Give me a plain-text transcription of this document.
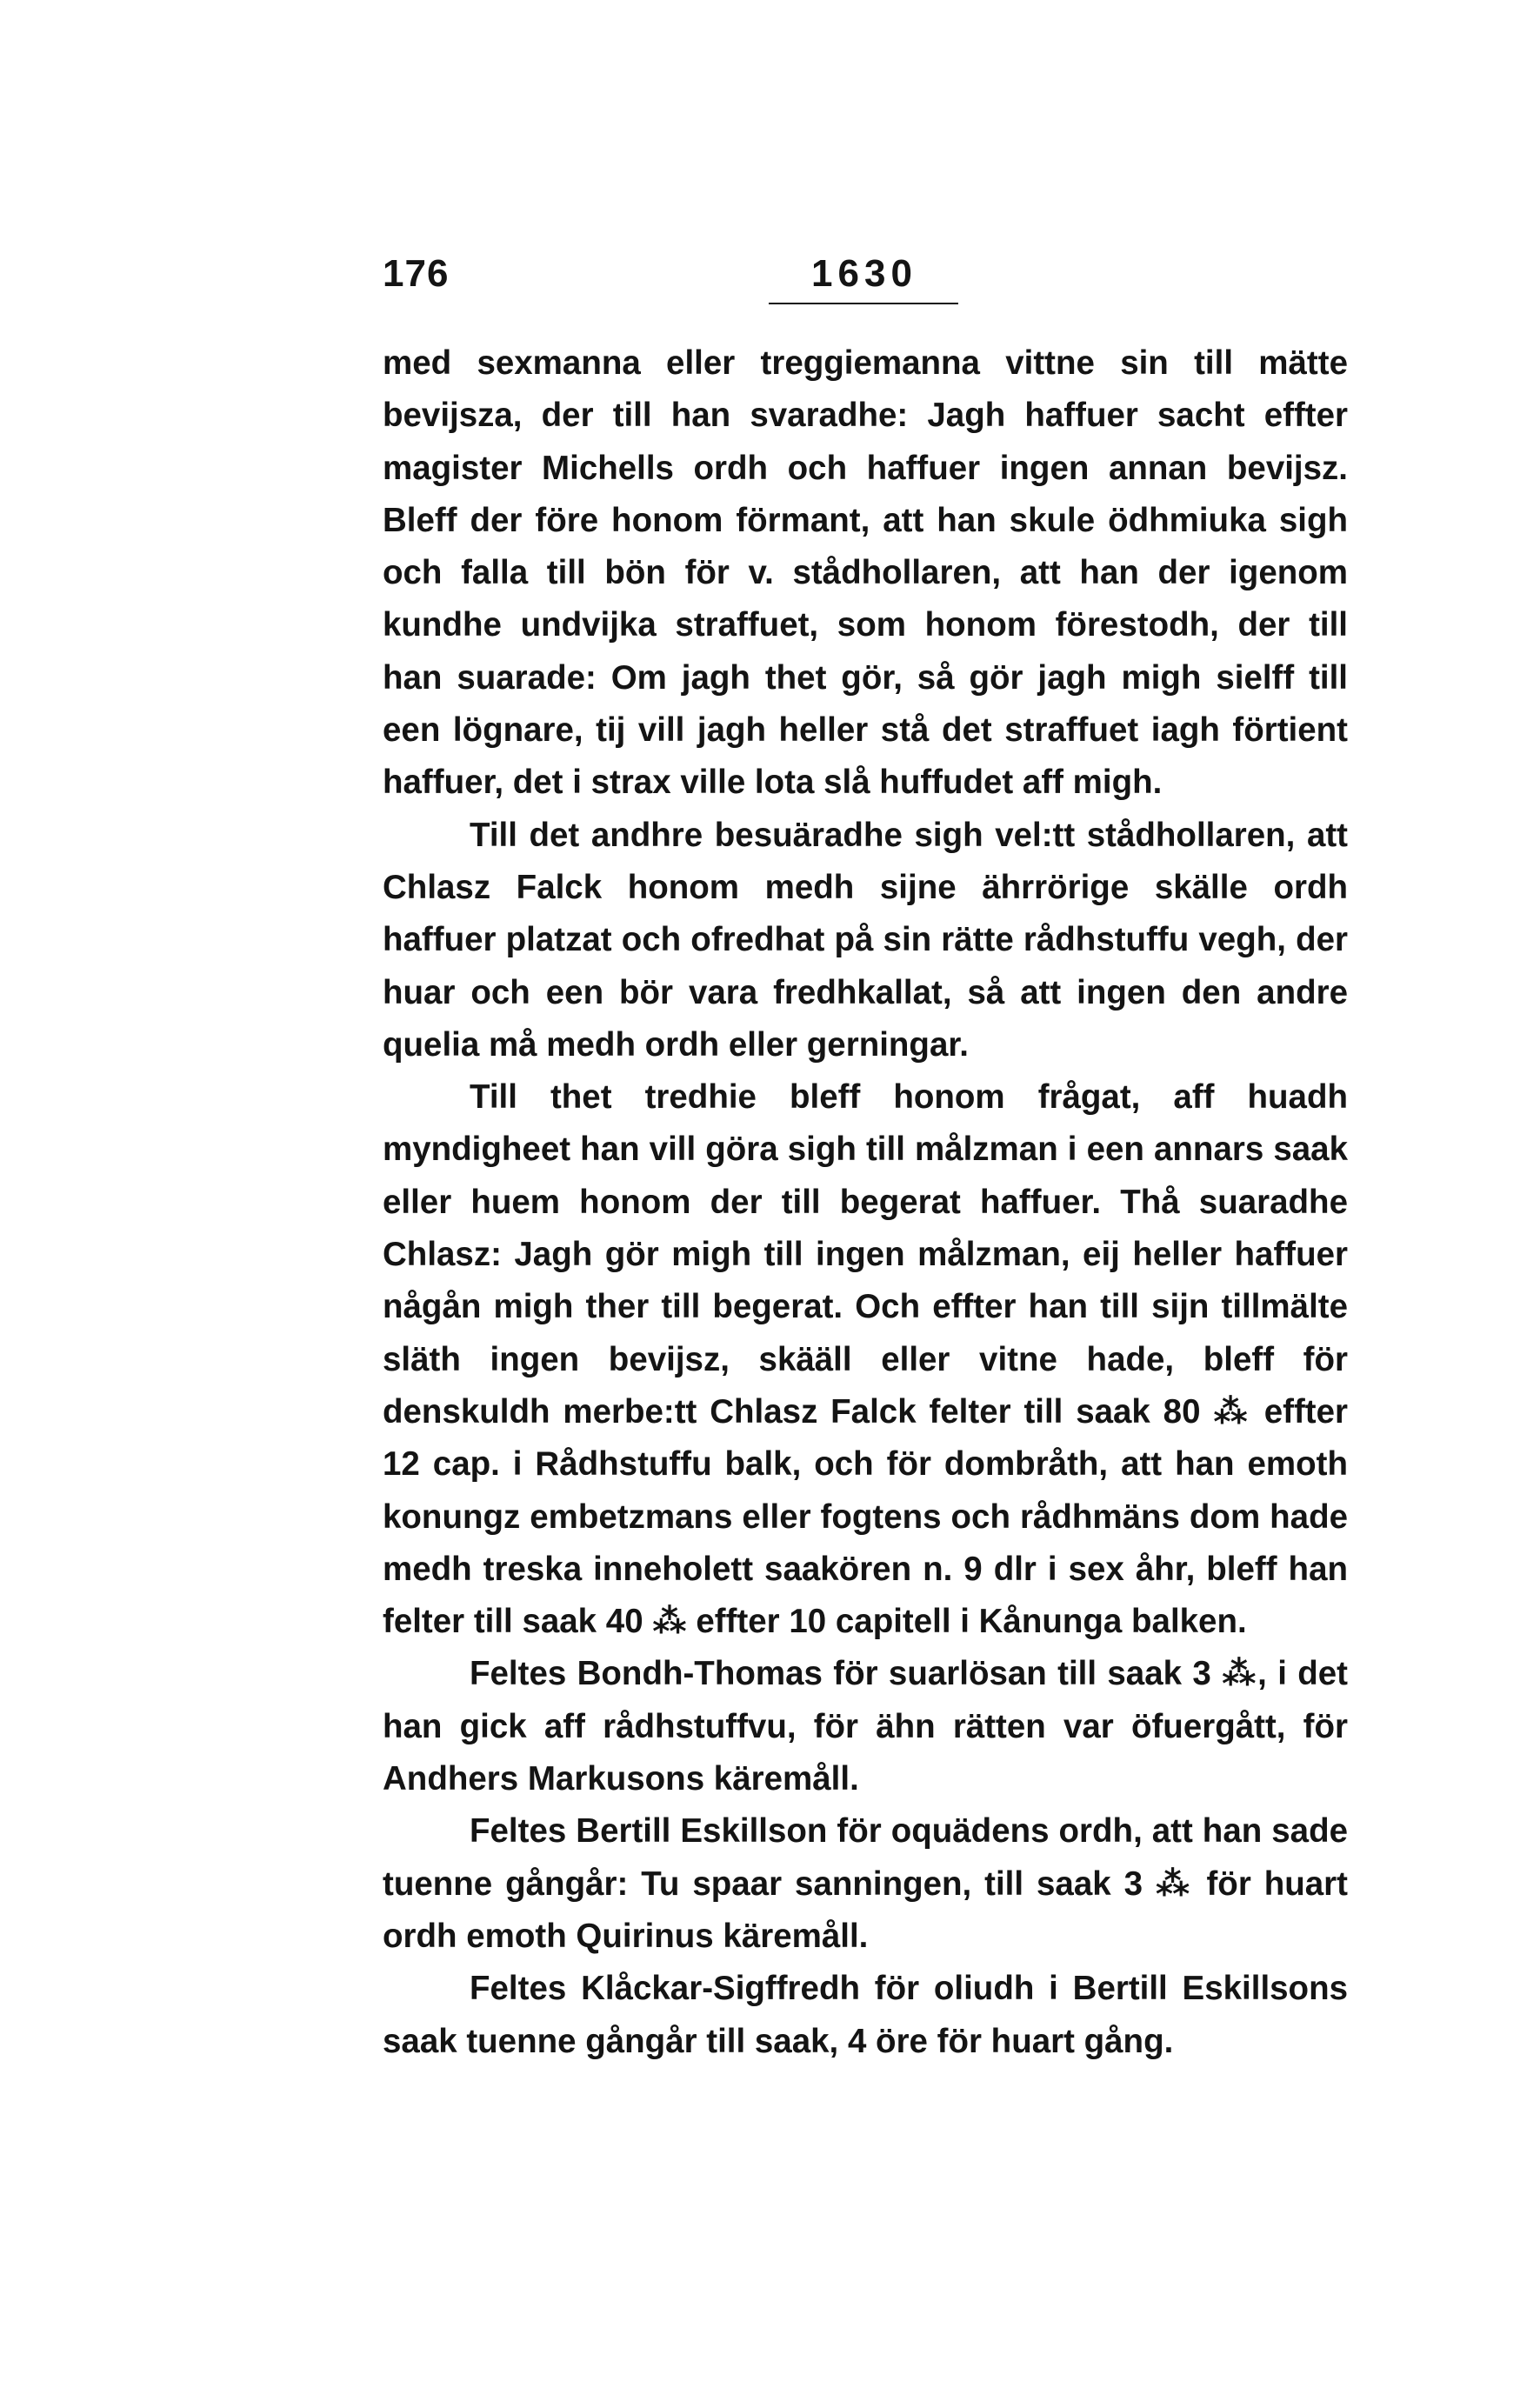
176	1630

med sexmanna eller treggiemanna vittne sin till mätte bevijsza, der till han svaradhe: Jagh haffuer sacht effter magister Michells ordh och haffuer ingen annan bevijsz. Bleff der före honom förmant, att han skule ödhmiuka sigh och falla till bön för v. stådhollaren, att han der igenom kundhe undvijka straffuet, som honom förestodh, der till han suarade: Om jagh thet gör, så gör jagh migh sielff till een lögnare, tij vill jagh heller stå det straffuet iagh förtient haffuer, det i strax ville lota slå huffudet aff migh.

Till det andhre besuäradhe sigh vel:tt stådhollaren, att Chlasz Falck honom medh sijne ährrörige skälle ordh haffuer platzat och ofredhat på sin rätte rådhstuffu vegh, der huar och een bör vara fredhkallat, så att ingen den andre quelia må medh ordh eller gerningar.

Till thet tredhie bleff honom frågat, aff huadh myndigheet han vill göra sigh till målzman i een annars saak eller huem honom der till begerat haffuer. Thå suaradhe Chlasz: Jagh gör migh till ingen målzman, eij heller haffuer någån migh ther till begerat. Och effter han till sijn tillmälte släth ingen bevijsz, skääll eller vitne hade, bleff för denskuldh merbe:tt Chlasz Falck felter till saak 80 ⁂ effter 12 cap. i Rådhstuffu balk, och för dombråth, att han emoth konungz embetzmans eller fogtens och rådhmäns dom hade medh treska inneholett saakören n. 9 dlr i sex åhr, bleff han felter till saak 40 ⁂ effter 10 capitell i Kånunga balken.

Feltes Bondh-Thomas för suarlösan till saak 3 ⁂, i det han gick aff rådhstuffvu, för ähn rätten var öfuergått, för Andhers Markusons käremåll.

Feltes Bertill Eskillson för oquädens ordh, att han sade tuenne gångår: Tu spaar sanningen, till saak 3 ⁂ för huart ordh emoth Quirinus käremåll.

Feltes Klåckar-Sigffredh för oliudh i Bertill Eskillsons saak tuenne gångår till saak, 4 öre för huart gång.
